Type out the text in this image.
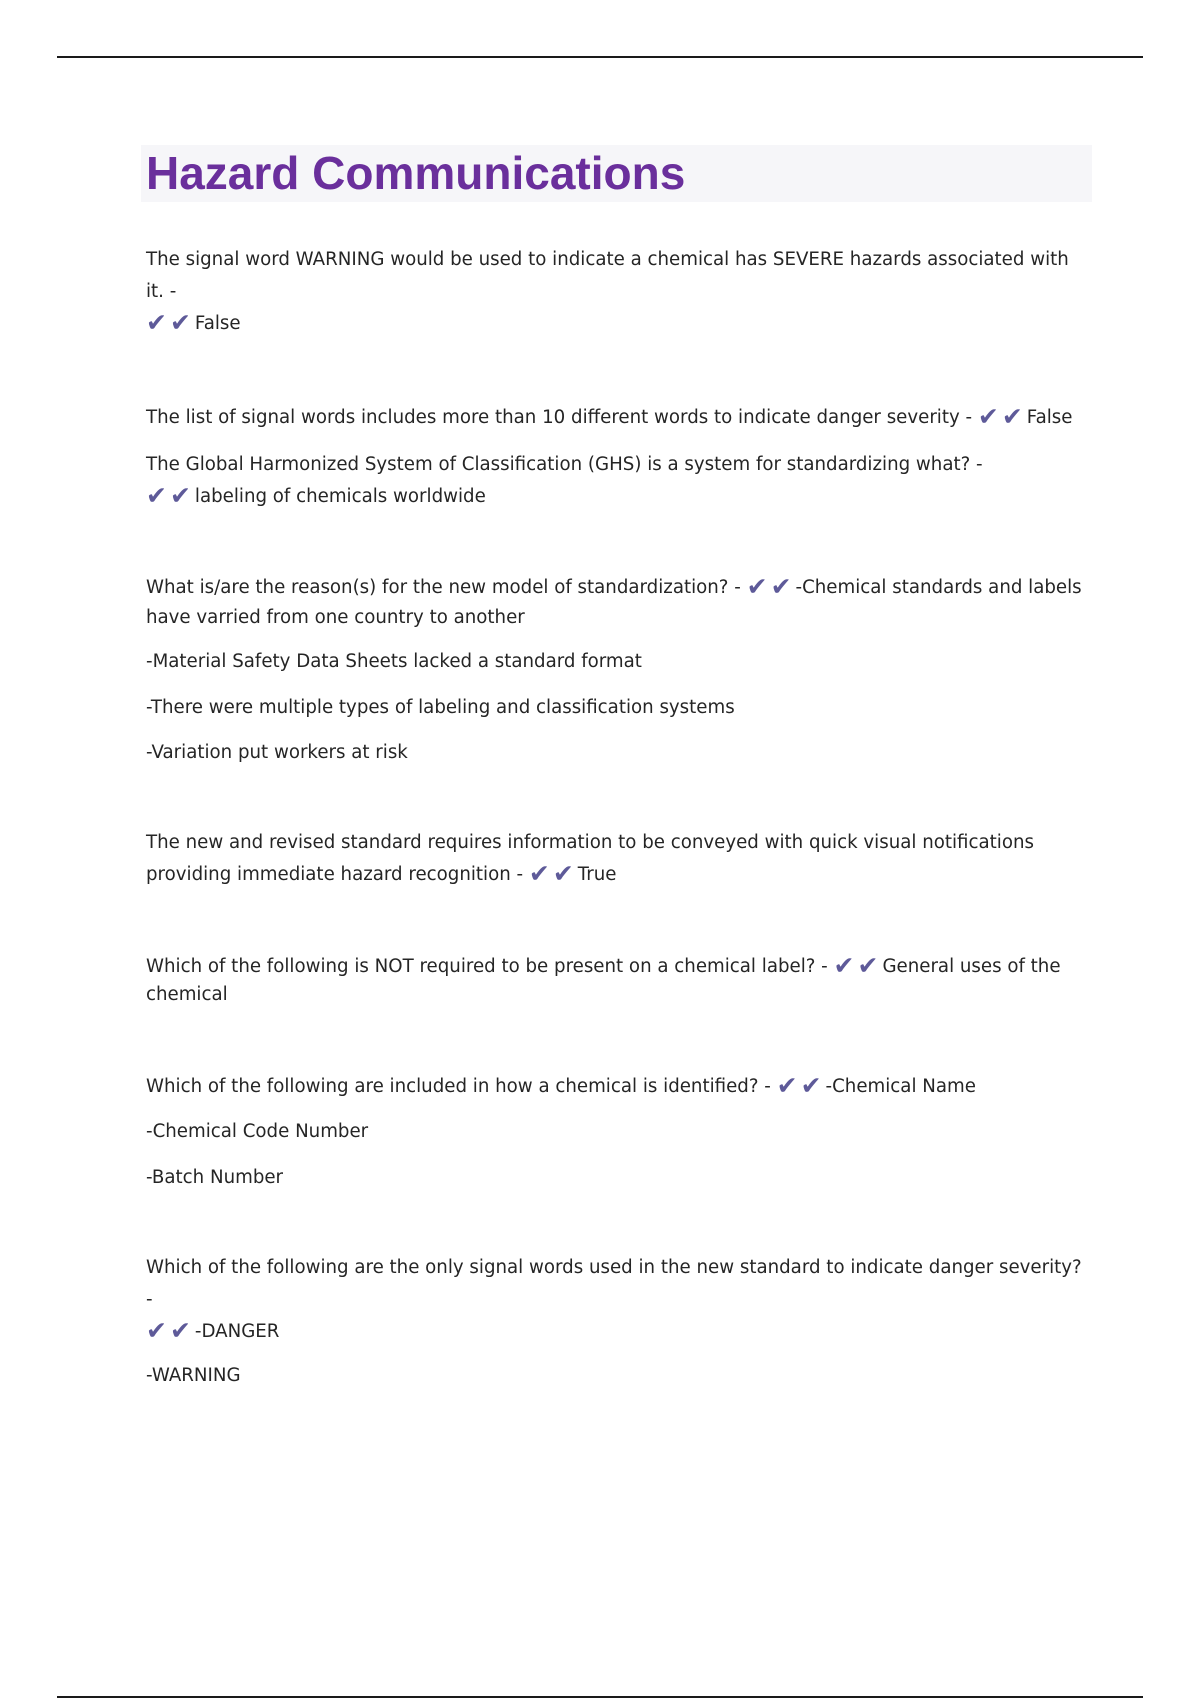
Hazard Communications

The signal word WARNING would be used to indicate a chemical has SEVERE hazards associated with it. -
✔ ✔ False

The list of signal words includes more than 10 different words to indicate danger severity - ✔ ✔ False

The Global Harmonized System of Classification (GHS) is a system for standardizing what? -
✔ ✔ labeling of chemicals worldwide

What is/are the reason(s) for the new model of standardization? - ✔ ✔ -Chemical standards and labels have varried from one country to another

-Material Safety Data Sheets lacked a standard format

-There were multiple types of labeling and classification systems

-Variation put workers at risk

The new and revised standard requires information to be conveyed with quick visual notifications providing immediate hazard recognition - ✔ ✔ True

Which of the following is NOT required to be present on a chemical label? - ✔ ✔ General uses of the chemical

Which of the following are included in how a chemical is identified? - ✔ ✔ -Chemical Name

-Chemical Code Number

-Batch Number

Which of the following are the only signal words used in the new standard to indicate danger severity? -
✔ ✔ -DANGER

-WARNING
